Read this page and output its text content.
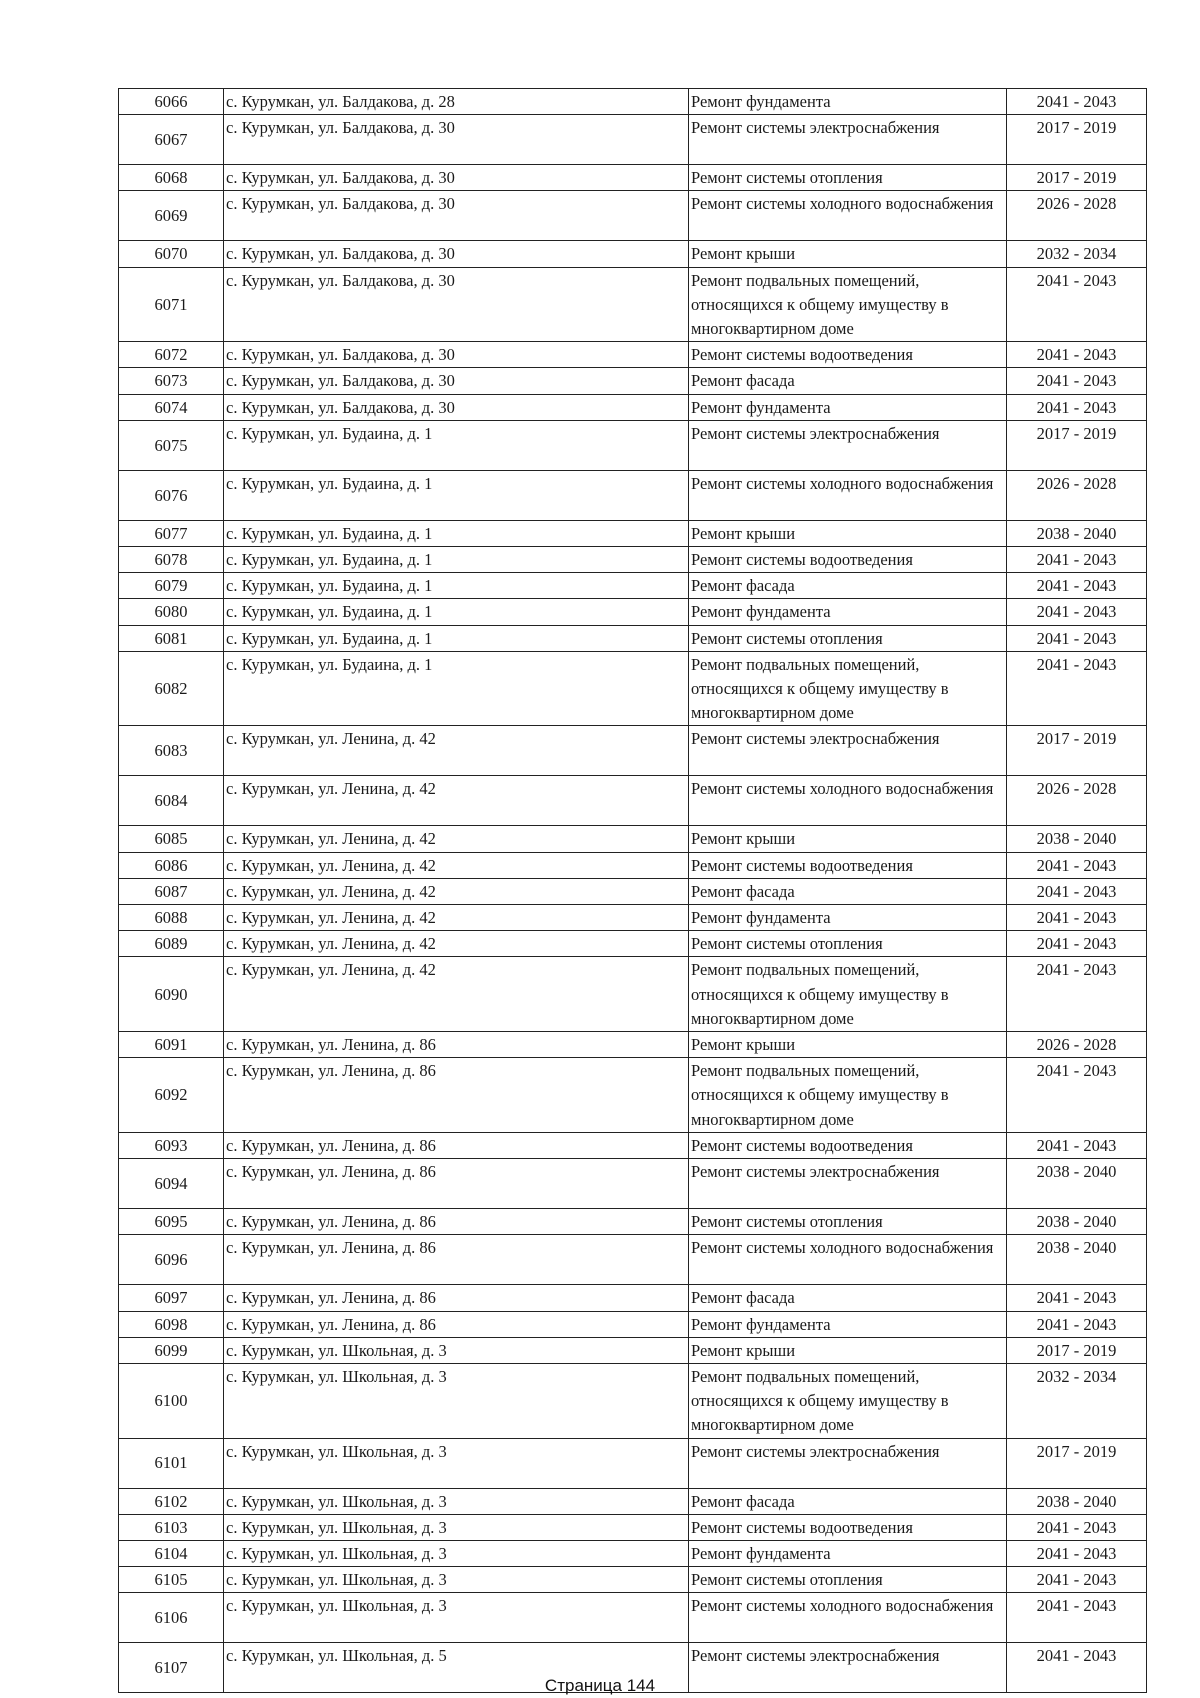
6066	с. Курумкан, ул. Балдакова, д. 28	Ремонт фундамента	2041 - 2043
6067	с. Курумкан, ул. Балдакова, д. 30	Ремонт системы электроснабжения	2017 - 2019
6068	с. Курумкан, ул. Балдакова, д. 30	Ремонт системы отопления	2017 - 2019
6069	с. Курумкан, ул. Балдакова, д. 30	Ремонт системы холодного водоснабжения	2026 - 2028
6070	с. Курумкан, ул. Балдакова, д. 30	Ремонт крыши	2032 - 2034
6071	с. Курумкан, ул. Балдакова, д. 30	Ремонт подвальных помещений, относящихся к общему имуществу в многоквартирном доме	2041 - 2043
6072	с. Курумкан, ул. Балдакова, д. 30	Ремонт системы водоотведения	2041 - 2043
6073	с. Курумкан, ул. Балдакова, д. 30	Ремонт фасада	2041 - 2043
6074	с. Курумкан, ул. Балдакова, д. 30	Ремонт фундамента	2041 - 2043
6075	с. Курумкан, ул. Будаина, д. 1	Ремонт системы электроснабжения	2017 - 2019
6076	с. Курумкан, ул. Будаина, д. 1	Ремонт системы холодного водоснабжения	2026 - 2028
6077	с. Курумкан, ул. Будаина, д. 1	Ремонт крыши	2038 - 2040
6078	с. Курумкан, ул. Будаина, д. 1	Ремонт системы водоотведения	2041 - 2043
6079	с. Курумкан, ул. Будаина, д. 1	Ремонт фасада	2041 - 2043
6080	с. Курумкан, ул. Будаина, д. 1	Ремонт фундамента	2041 - 2043
6081	с. Курумкан, ул. Будаина, д. 1	Ремонт системы отопления	2041 - 2043
6082	с. Курумкан, ул. Будаина, д. 1	Ремонт подвальных помещений, относящихся к общему имуществу в многоквартирном доме	2041 - 2043
6083	с. Курумкан, ул. Ленина, д. 42	Ремонт системы электроснабжения	2017 - 2019
6084	с. Курумкан, ул. Ленина, д. 42	Ремонт системы холодного водоснабжения	2026 - 2028
6085	с. Курумкан, ул. Ленина, д. 42	Ремонт крыши	2038 - 2040
6086	с. Курумкан, ул. Ленина, д. 42	Ремонт системы водоотведения	2041 - 2043
6087	с. Курумкан, ул. Ленина, д. 42	Ремонт фасада	2041 - 2043
6088	с. Курумкан, ул. Ленина, д. 42	Ремонт фундамента	2041 - 2043
6089	с. Курумкан, ул. Ленина, д. 42	Ремонт системы отопления	2041 - 2043
6090	с. Курумкан, ул. Ленина, д. 42	Ремонт подвальных помещений, относящихся к общему имуществу в многоквартирном доме	2041 - 2043
6091	с. Курумкан, ул. Ленина, д. 86	Ремонт крыши	2026 - 2028
6092	с. Курумкан, ул. Ленина, д. 86	Ремонт подвальных помещений, относящихся к общему имуществу в многоквартирном доме	2041 - 2043
6093	с. Курумкан, ул. Ленина, д. 86	Ремонт системы водоотведения	2041 - 2043
6094	с. Курумкан, ул. Ленина, д. 86	Ремонт системы электроснабжения	2038 - 2040
6095	с. Курумкан, ул. Ленина, д. 86	Ремонт системы отопления	2038 - 2040
6096	с. Курумкан, ул. Ленина, д. 86	Ремонт системы холодного водоснабжения	2038 - 2040
6097	с. Курумкан, ул. Ленина, д. 86	Ремонт фасада	2041 - 2043
6098	с. Курумкан, ул. Ленина, д. 86	Ремонт фундамента	2041 - 2043
6099	с. Курумкан, ул. Школьная, д. 3	Ремонт крыши	2017 - 2019
6100	с. Курумкан, ул. Школьная, д. 3	Ремонт подвальных помещений, относящихся к общему имуществу в многоквартирном доме	2032 - 2034
6101	с. Курумкан, ул. Школьная, д. 3	Ремонт системы электроснабжения	2017 - 2019
6102	с. Курумкан, ул. Школьная, д. 3	Ремонт фасада	2038 - 2040
6103	с. Курумкан, ул. Школьная, д. 3	Ремонт системы водоотведения	2041 - 2043
6104	с. Курумкан, ул. Школьная, д. 3	Ремонт фундамента	2041 - 2043
6105	с. Курумкан, ул. Школьная, д. 3	Ремонт системы отопления	2041 - 2043
6106	с. Курумкан, ул. Школьная, д. 3	Ремонт системы холодного водоснабжения	2041 - 2043
6107	с. Курумкан, ул. Школьная, д. 5	Ремонт системы электроснабжения	2041 - 2043
Страница 144
